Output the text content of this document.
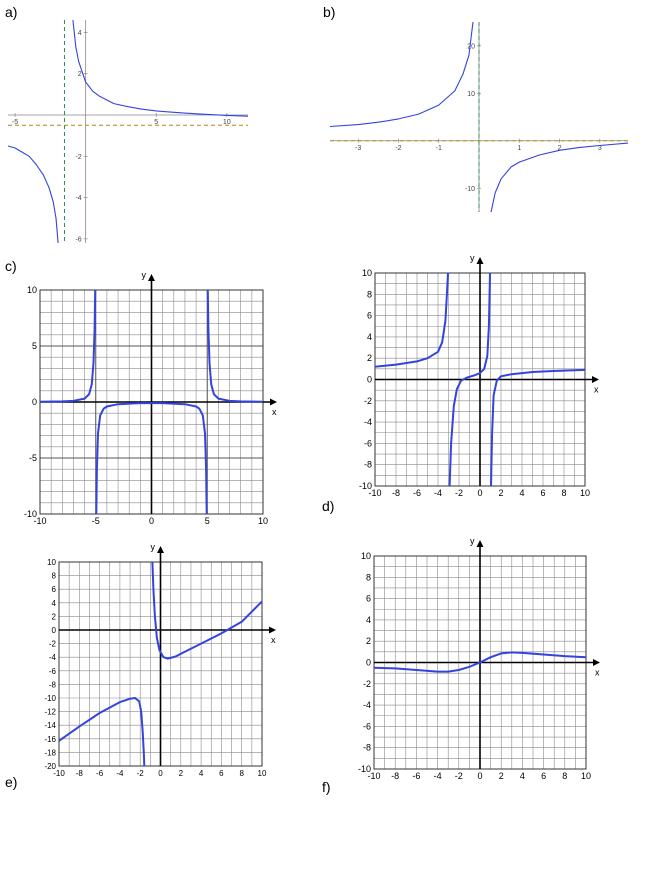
a)	b)
c)
d)
e)	f)
-5	5	10
4
2
-2
-4
-6
-3	-2	-1	1	2	3
20
10
-10
x
y
-10	-5	0	5	10
10
5
0
-5
-10
x
y
-10 -8 -6 -4 -2 0 2 4 6 8 10
10
8
6
4
2
0
-2
-4
-6
-8
-10
x
y
-10 -8 -6 -4 -2 0 2 4 6 8 10
10
8
6
4
2
0
-2
-4
-6
-8
-10
-12
-14
-16
-18
-20
x
y
-10 -8 -6 -4 -2 0 2 4 6 8 10
10
8
6
4
2
0
-2
-4
-6
-8
-10
